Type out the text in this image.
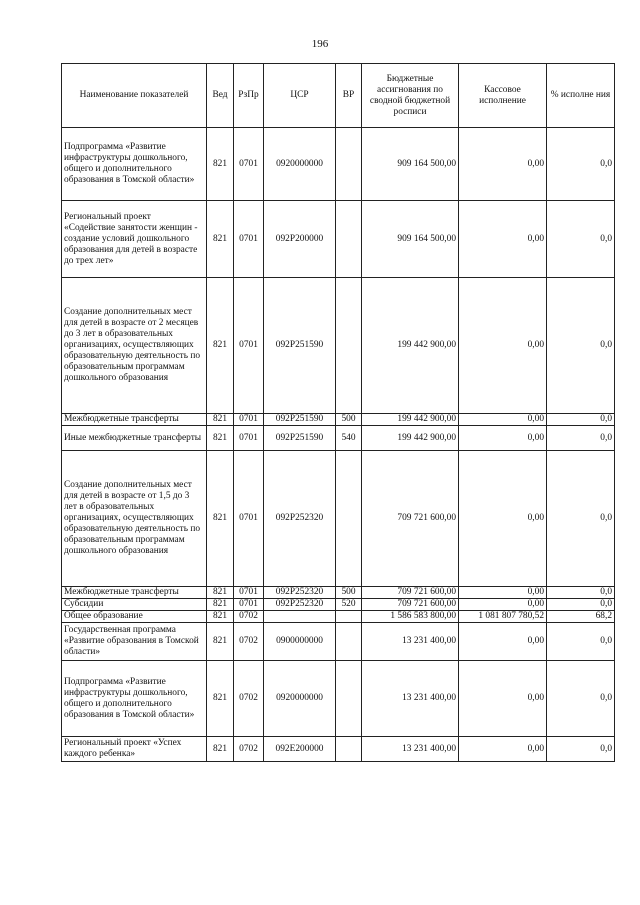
196
Наименование показателей	Вед	РзПр	ЦСР	ВР	Бюджетные ассигнования по сводной бюджетной росписи	Кассовое исполнение	% исполне ния
Подпрограмма «Развитие инфраструктуры дошкольного, общего и дополнительного образования в Томской области»	821	0701	0920000000		909 164 500,00	0,00	0,0
Региональный проект «Содействие занятости женщин - создание условий дошкольного образования для детей в возрасте до трех лет»	821	0701	092P200000		909 164 500,00	0,00	0,0
Создание дополнительных мест для детей в возрасте от 2 месяцев до 3 лет в образовательных организациях, осуществляющих образовательную деятельность по образовательным программам дошкольного образования	821	0701	092P251590		199 442 900,00	0,00	0,0
Межбюджетные трансферты	821	0701	092P251590	500	199 442 900,00	0,00	0,0
Иные межбюджетные трансферты	821	0701	092P251590	540	199 442 900,00	0,00	0,0
Создание дополнительных мест для детей в возрасте от 1,5 до 3 лет в образовательных организациях, осуществляющих образовательную деятельность по образовательным программам дошкольного образования	821	0701	092P252320		709 721 600,00	0,00	0,0
Межбюджетные трансферты	821	0701	092P252320	500	709 721 600,00	0,00	0,0
Субсидии	821	0701	092P252320	520	709 721 600,00	0,00	0,0
Общее образование	821	0702			1 586 583 800,00	1 081 807 780,52	68,2
Государственная программа «Развитие образования в Томской области»	821	0702	0900000000		13 231 400,00	0,00	0,0
Подпрограмма «Развитие инфраструктуры дошкольного, общего и дополнительного образования в Томской области»	821	0702	0920000000		13 231 400,00	0,00	0,0
Региональный проект «Успех каждого ребенка»	821	0702	092E200000		13 231 400,00	0,00	0,0
